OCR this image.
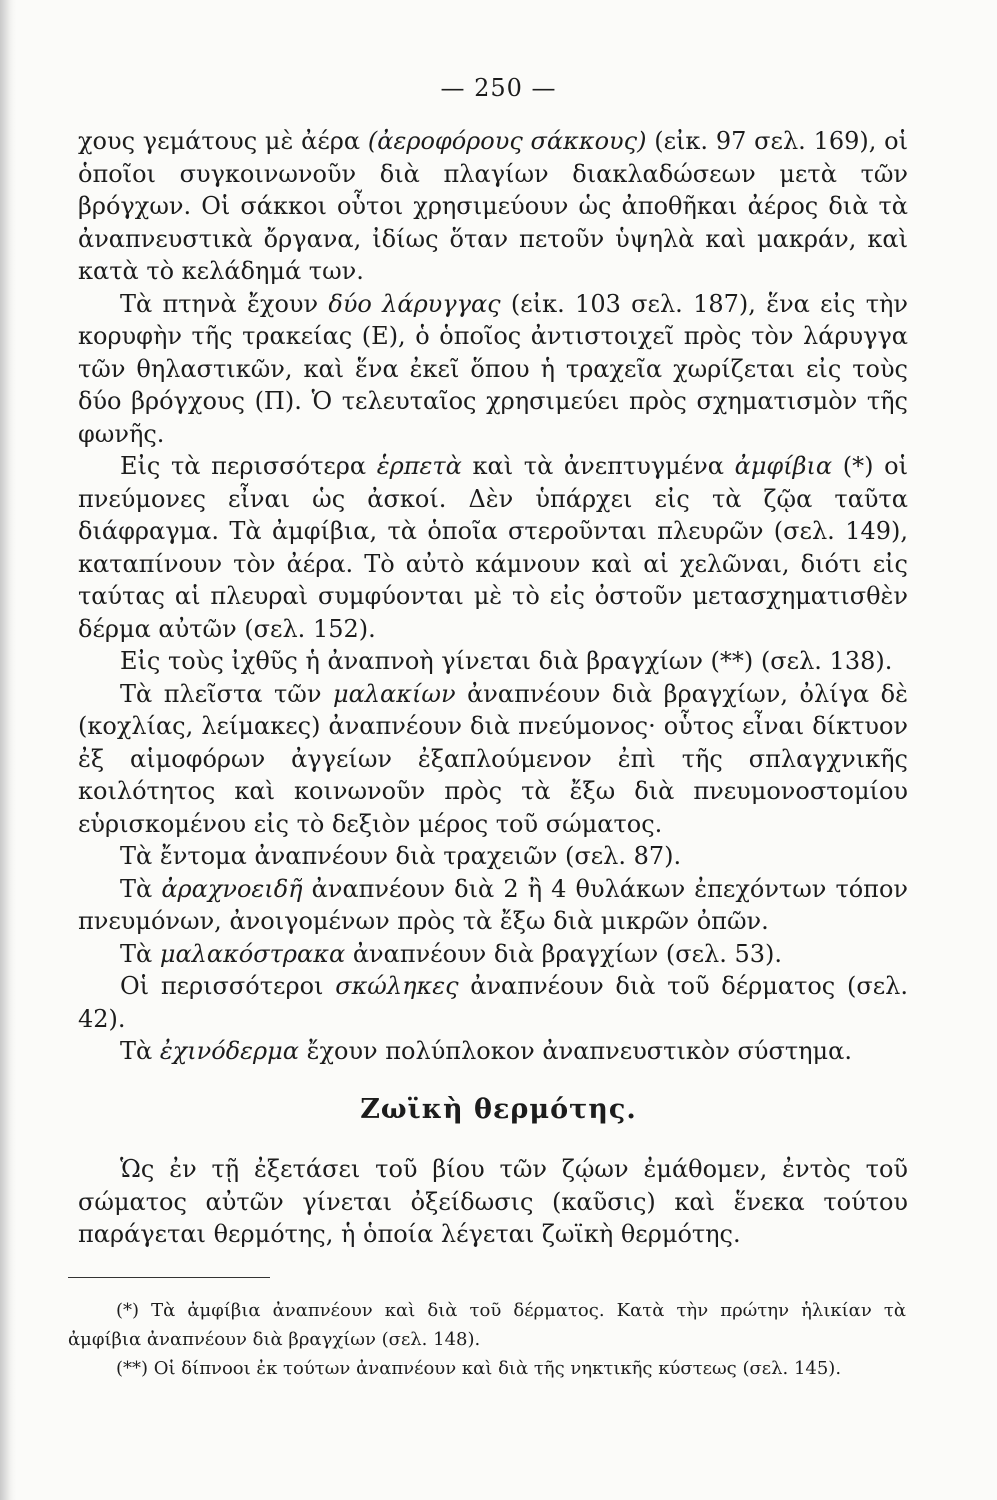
— 250 —

χους γεμάτους μὲ ἀέρα (ἀεροφόρους σάκκους) (εἰκ. 97 σελ. 169), οἱ ὁποῖοι συγκοινωνοῦν διὰ πλαγίων διακλαδώσεων μετὰ τῶν βρόγχων. Οἱ σάκκοι οὗτοι χρησιμεύουν ὡς ἀποθῆκαι ἀέρος διὰ τὰ ἀναπνευστικὰ ὄργανα, ἰδίως ὅταν πετοῦν ὑψηλὰ καὶ μακράν, καὶ κατὰ τὸ κελάδημά των.

Τὰ πτηνὰ ἔχουν δύο λάρυγγας (εἰκ. 103 σελ. 187), ἕνα εἰς τὴν κορυφὴν τῆς τρακείας (Ε), ὁ ὁποῖος ἀντιστοιχεῖ πρὸς τὸν λάρυγγα τῶν θηλαστικῶν, καὶ ἕνα ἐκεῖ ὅπου ἡ τραχεῖα χωρίζεται εἰς τοὺς δύο βρόγχους (Π). Ὁ τελευταῖος χρησιμεύει πρὸς σχηματισμὸν τῆς φωνῆς.

Εἰς τὰ περισσότερα ἑρπετὰ καὶ τὰ ἀνεπτυγμένα ἀμφίβια (*) οἱ πνεύμονες εἶναι ὡς ἀσκοί. Δὲν ὑπάρχει εἰς τὰ ζῷα ταῦτα διάφραγμα. Τὰ ἀμφίβια, τὰ ὁποῖα στεροῦνται πλευρῶν (σελ. 149), καταπίνουν τὸν ἀέρα. Τὸ αὐτὸ κάμνουν καὶ αἱ χελῶναι, διότι εἰς ταύτας αἱ πλευραὶ συμφύονται μὲ τὸ εἰς ὀστοῦν μετασχηματισθὲν δέρμα αὐτῶν (σελ. 152).

Εἰς τοὺς ἰχθῦς ἡ ἀναπνοὴ γίνεται διὰ βραγχίων (**) (σελ. 138).

Τὰ πλεῖστα τῶν μαλακίων ἀναπνέουν διὰ βραγχίων, ὀλίγα δὲ (κοχλίας, λείμακες) ἀναπνέουν διὰ πνεύμονος· οὗτος εἶναι δίκτυον ἐξ αἱμοφόρων ἀγγείων ἐξαπλούμενον ἐπὶ τῆς σπλαγχνικῆς κοιλότητος καὶ κοινωνοῦν πρὸς τὰ ἔξω διὰ πνευμονοστομίου εὑρισκομένου εἰς τὸ δεξιὸν μέρος τοῦ σώματος.

Τὰ ἔντομα ἀναπνέουν διὰ τραχειῶν (σελ. 87).

Τὰ ἀραχνοειδῆ ἀναπνέουν διὰ 2 ἢ 4 θυλάκων ἐπεχόντων τόπον πνευμόνων, ἀνοιγομένων πρὸς τὰ ἔξω διὰ μικρῶν ὀπῶν.

Τὰ μαλακόστρακα ἀναπνέουν διὰ βραγχίων (σελ. 53).

Οἱ περισσότεροι σκώληκες ἀναπνέουν διὰ τοῦ δέρματος (σελ. 42).

Τὰ ἐχινόδερμα ἔχουν πολύπλοκον ἀναπνευστικὸν σύστημα.

Ζωϊκὴ θερμότης.

Ὡς ἐν τῇ ἐξετάσει τοῦ βίου τῶν ζῴων ἐμάθομεν, ἐντὸς τοῦ σώματος αὐτῶν γίνεται ὀξείδωσις (καῦσις) καὶ ἕνεκα τούτου παράγεται θερμότης, ἡ ὁποία λέγεται ζωϊκὴ θερμότης.

(*) Τὰ ἀμφίβια ἀναπνέουν καὶ διὰ τοῦ δέρματος. Κατὰ τὴν πρώτην ἡλικίαν τὰ ἀμφίβια ἀναπνέουν διὰ βραγχίων (σελ. 148).

(**) Οἱ δίπνοοι ἐκ τούτων ἀναπνέουν καὶ διὰ τῆς νηκτικῆς κύστεως (σελ. 145).
